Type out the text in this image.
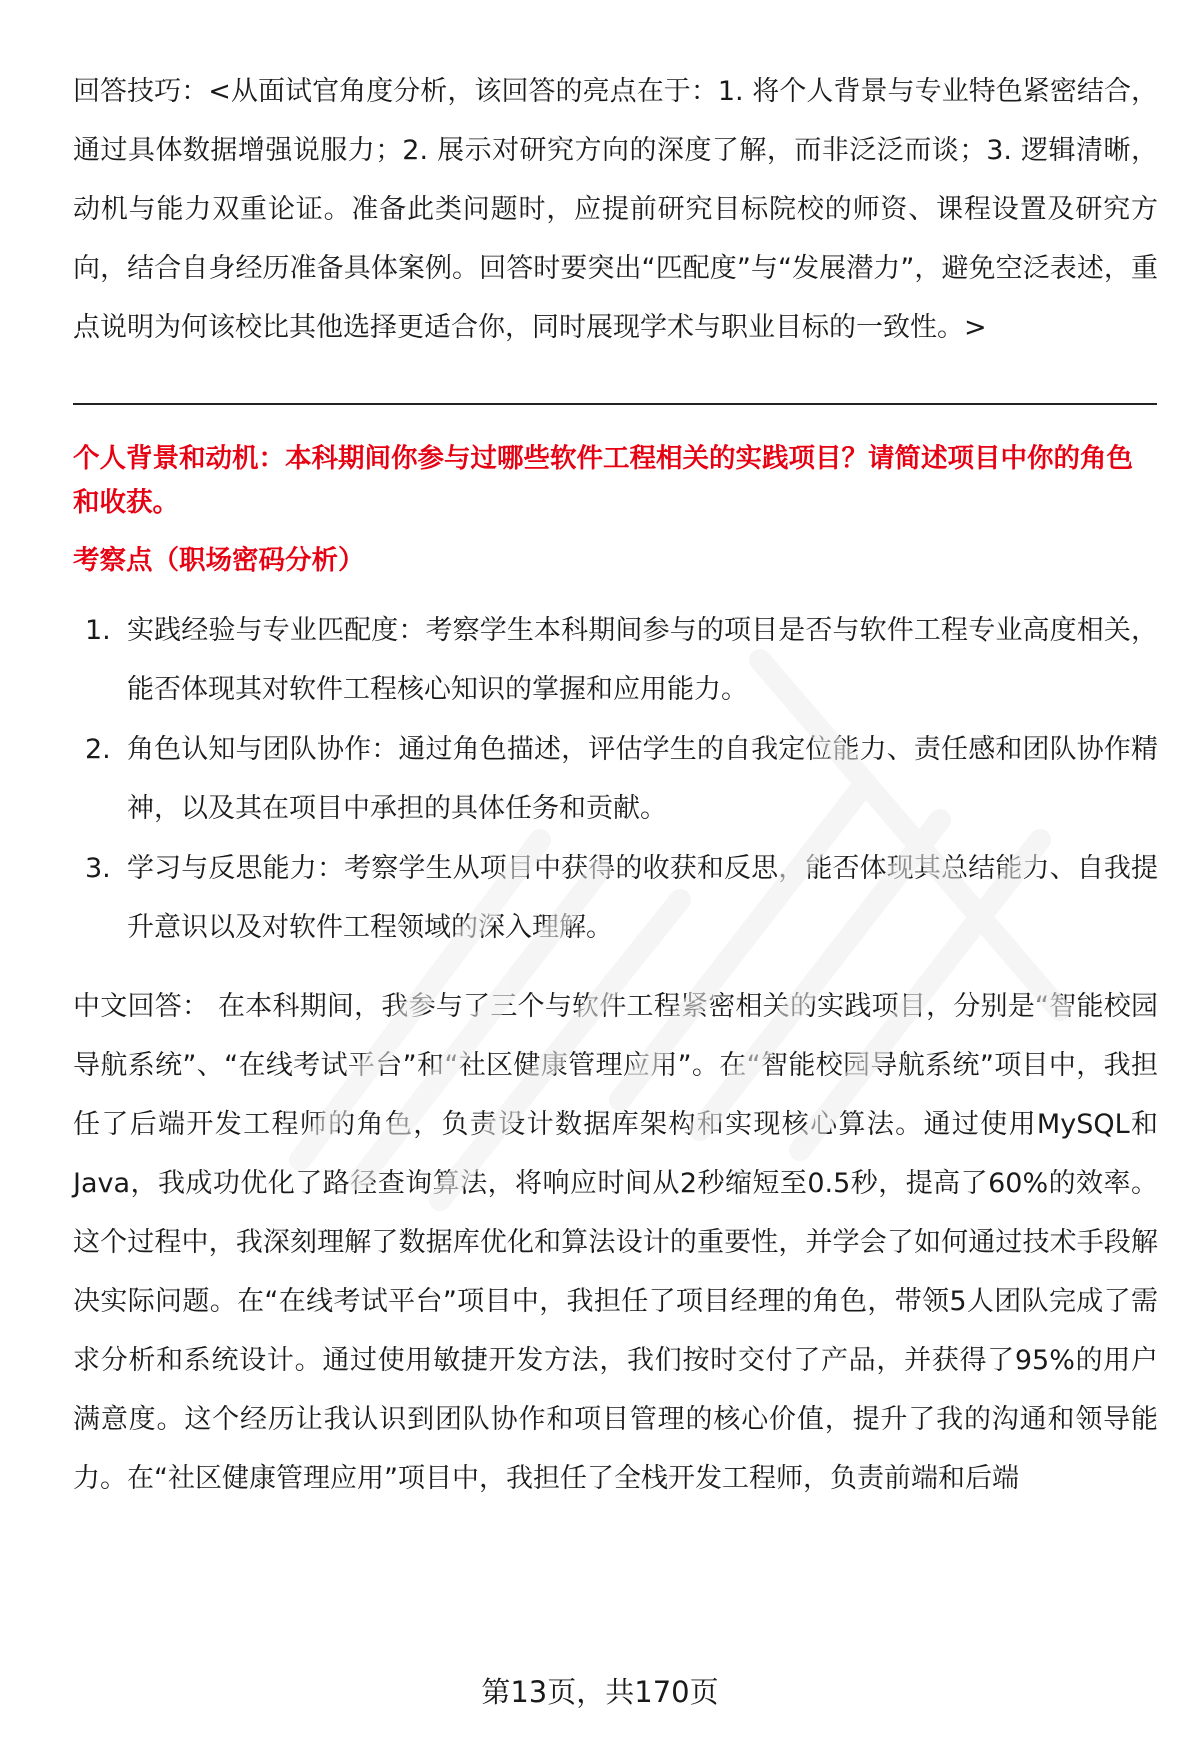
回答技巧：<从面试官角度分析，该回答的亮点在于：1. 将个人背景与专业特色紧密结合，通过具体数据增强说服力；2. 展示对研究方向的深度了解，而非泛泛而谈；3. 逻辑清晰，动机与能力双重论证。准备此类问题时，应提前研究目标院校的师资、课程设置及研究方向，结合自身经历准备具体案例。回答时要突出“匹配度”与“发展潜力”，避免空泛表述，重点说明为何该校比其他选择更适合你，同时展现学术与职业目标的一致性。>

个人背景和动机：本科期间你参与过哪些软件工程相关的实践项目？请简述项目中你的角色和收获。

考察点（职场密码分析）

1. 实践经验与专业匹配度：考察学生本科期间参与的项目是否与软件工程专业高度相关，能否体现其对软件工程核心知识的掌握和应用能力。
2. 角色认知与团队协作：通过角色描述，评估学生的自我定位能力、责任感和团队协作精神，以及其在项目中承担的具体任务和贡献。
3. 学习与反思能力：考察学生从项目中获得的收获和反思，能否体现其总结能力、自我提升意识以及对软件工程领域的深入理解。

中文回答： 在本科期间，我参与了三个与软件工程紧密相关的实践项目，分别是“智能校园导航系统”、“在线考试平台”和“社区健康管理应用”。在“智能校园导航系统”项目中，我担任了后端开发工程师的角色，负责设计数据库架构和实现核心算法。通过使用MySQL和Java，我成功优化了路径查询算法，将响应时间从2秒缩短至0.5秒，提高了60%的效率。这个过程中，我深刻理解了数据库优化和算法设计的重要性，并学会了如何通过技术手段解决实际问题。在“在线考试平台”项目中，我担任了项目经理的角色，带领5人团队完成了需求分析和系统设计。通过使用敏捷开发方法，我们按时交付了产品，并获得了95%的用户满意度。这个经历让我认识到团队协作和项目管理的核心价值，提升了我的沟通和领导能力。在“社区健康管理应用”项目中，我担任了全栈开发工程师，负责前端和后端

第13页，共170页
